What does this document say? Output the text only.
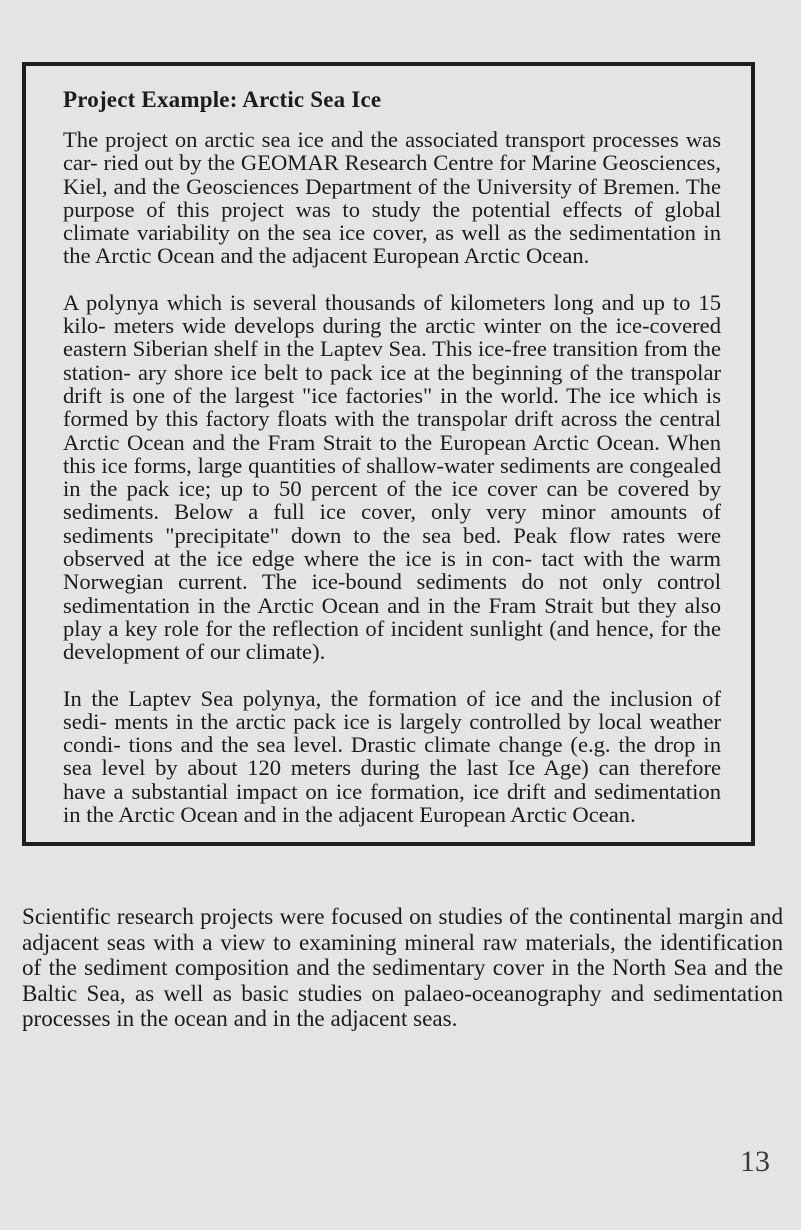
Project Example: Arctic Sea Ice

The project on arctic sea ice and the associated transport processes was car- ried out by the GEOMAR Research Centre for Marine Geosciences, Kiel, and the Geosciences Department of the University of Bremen. The purpose of this project was to study the potential effects of global climate variability on the sea ice cover, as well as the sedimentation in the Arctic Ocean and the adjacent European Arctic Ocean.

A polynya which is several thousands of kilometers long and up to 15 kilo- meters wide develops during the arctic winter on the ice-covered eastern Siberian shelf in the Laptev Sea. This ice-free transition from the station- ary shore ice belt to pack ice at the beginning of the transpolar drift is one of the largest "ice factories" in the world. The ice which is formed by this factory floats with the transpolar drift across the central Arctic Ocean and the Fram Strait to the European Arctic Ocean. When this ice forms, large quantities of shallow-water sediments are congealed in the pack ice; up to 50 percent of the ice cover can be covered by sediments. Below a full ice cover, only very minor amounts of sediments "precipitate" down to the sea bed. Peak flow rates were observed at the ice edge where the ice is in con- tact with the warm Norwegian current. The ice-bound sediments do not only control sedimentation in the Arctic Ocean and in the Fram Strait but they also play a key role for the reflection of incident sunlight (and hence, for the development of our climate).

In the Laptev Sea polynya, the formation of ice and the inclusion of sedi- ments in the arctic pack ice is largely controlled by local weather condi- tions and the sea level. Drastic climate change (e.g. the drop in sea level by about 120 meters during the last Ice Age) can therefore have a substantial impact on ice formation, ice drift and sedimentation in the Arctic Ocean and in the adjacent European Arctic Ocean.

Scientific research projects were focused on studies of the continental margin and adjacent seas with a view to examining mineral raw materials, the identification of the sediment composition and the sedimentary cover in the North Sea and the Baltic Sea, as well as basic studies on palaeo-oceanography and sedimentation processes in the ocean and in the adjacent seas.

13
